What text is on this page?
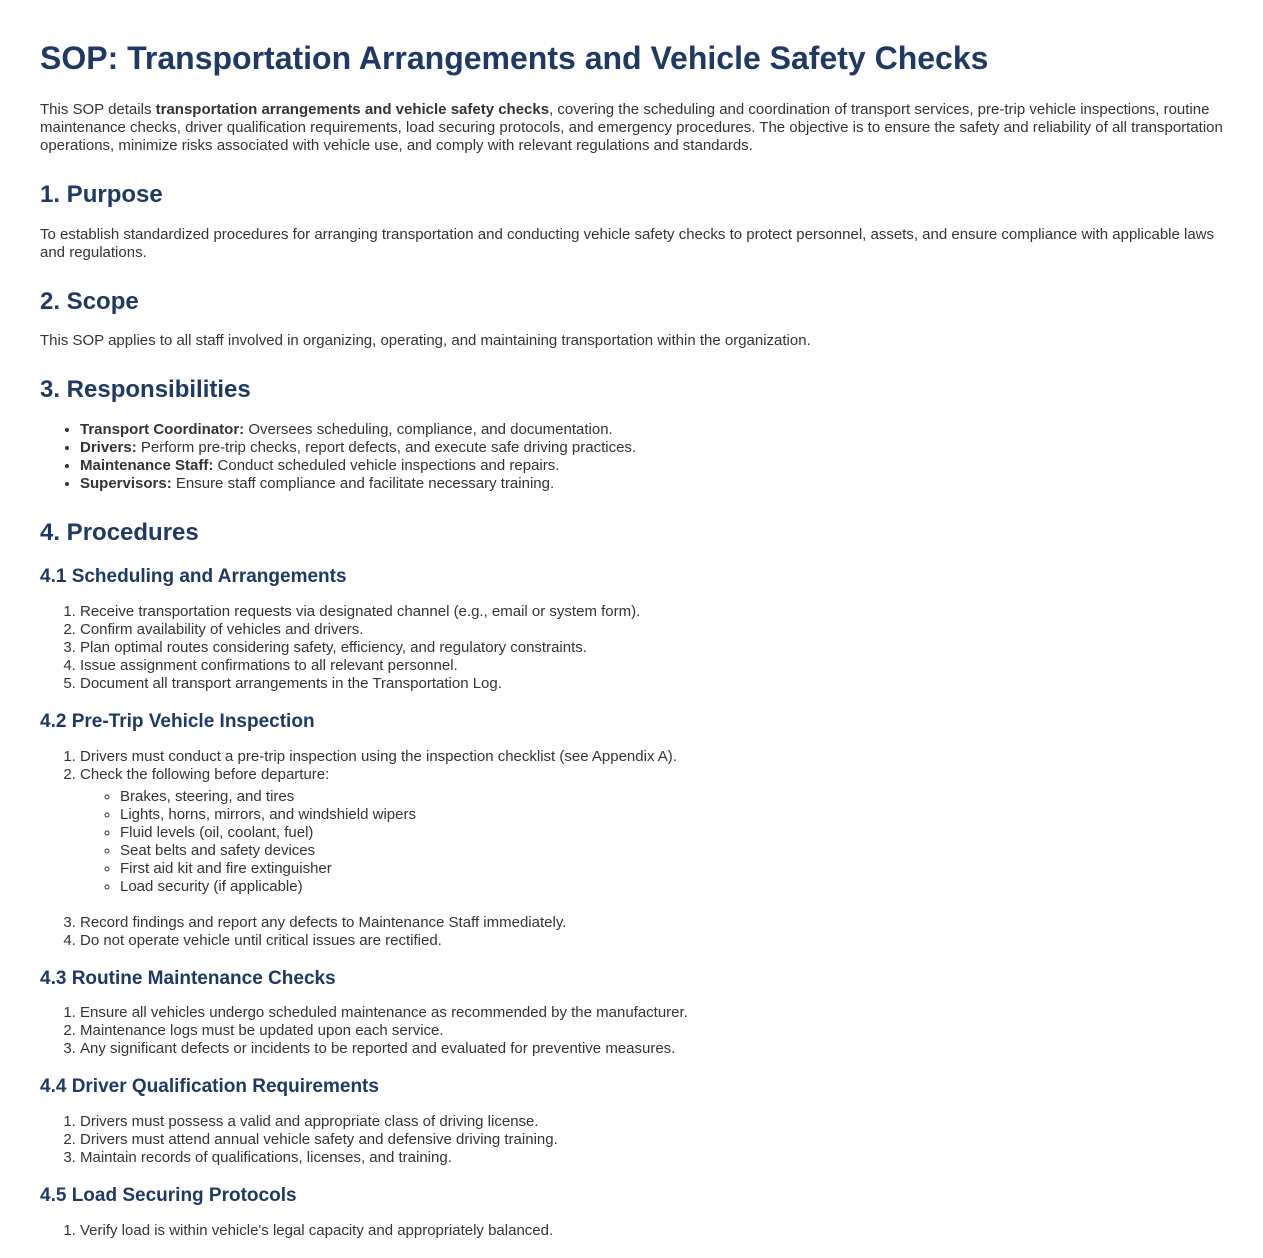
SOP: Transportation Arrangements and Vehicle Safety Checks

This SOP details transportation arrangements and vehicle safety checks, covering the scheduling and coordination of transport services, pre-trip vehicle inspections, routine maintenance checks, driver qualification requirements, load securing protocols, and emergency procedures. The objective is to ensure the safety and reliability of all transportation operations, minimize risks associated with vehicle use, and comply with relevant regulations and standards.

1. Purpose

To establish standardized procedures for arranging transportation and conducting vehicle safety checks to protect personnel, assets, and ensure compliance with applicable laws and regulations.

2. Scope

This SOP applies to all staff involved in organizing, operating, and maintaining transportation within the organization.

3. Responsibilities
• Transport Coordinator: Oversees scheduling, compliance, and documentation.
• Drivers: Perform pre-trip checks, report defects, and execute safe driving practices.
• Maintenance Staff: Conduct scheduled vehicle inspections and repairs.
• Supervisors: Ensure staff compliance and facilitate necessary training.
4. Procedures
4.1 Scheduling and Arrangements
1. Receive transportation requests via designated channel (e.g., email or system form).
2. Confirm availability of vehicles and drivers.
3. Plan optimal routes considering safety, efficiency, and regulatory constraints.
4. Issue assignment confirmations to all relevant personnel.
5. Document all transport arrangements in the Transportation Log.
4.2 Pre-Trip Vehicle Inspection
1. Drivers must conduct a pre-trip inspection using the inspection checklist (see Appendix A).
2. Check the following before departure:
◦ Brakes, steering, and tires
◦ Lights, horns, mirrors, and windshield wipers
◦ Fluid levels (oil, coolant, fuel)
◦ Seat belts and safety devices
◦ First aid kit and fire extinguisher
◦ Load security (if applicable)
3. Record findings and report any defects to Maintenance Staff immediately.
4. Do not operate vehicle until critical issues are rectified.
4.3 Routine Maintenance Checks
1. Ensure all vehicles undergo scheduled maintenance as recommended by the manufacturer.
2. Maintenance logs must be updated upon each service.
3. Any significant defects or incidents to be reported and evaluated for preventive measures.
4.4 Driver Qualification Requirements
1. Drivers must possess a valid and appropriate class of driving license.
2. Drivers must attend annual vehicle safety and defensive driving training.
3. Maintain records of qualifications, licenses, and training.
4.5 Load Securing Protocols
1. Verify load is within vehicle's legal capacity and appropriately balanced.
